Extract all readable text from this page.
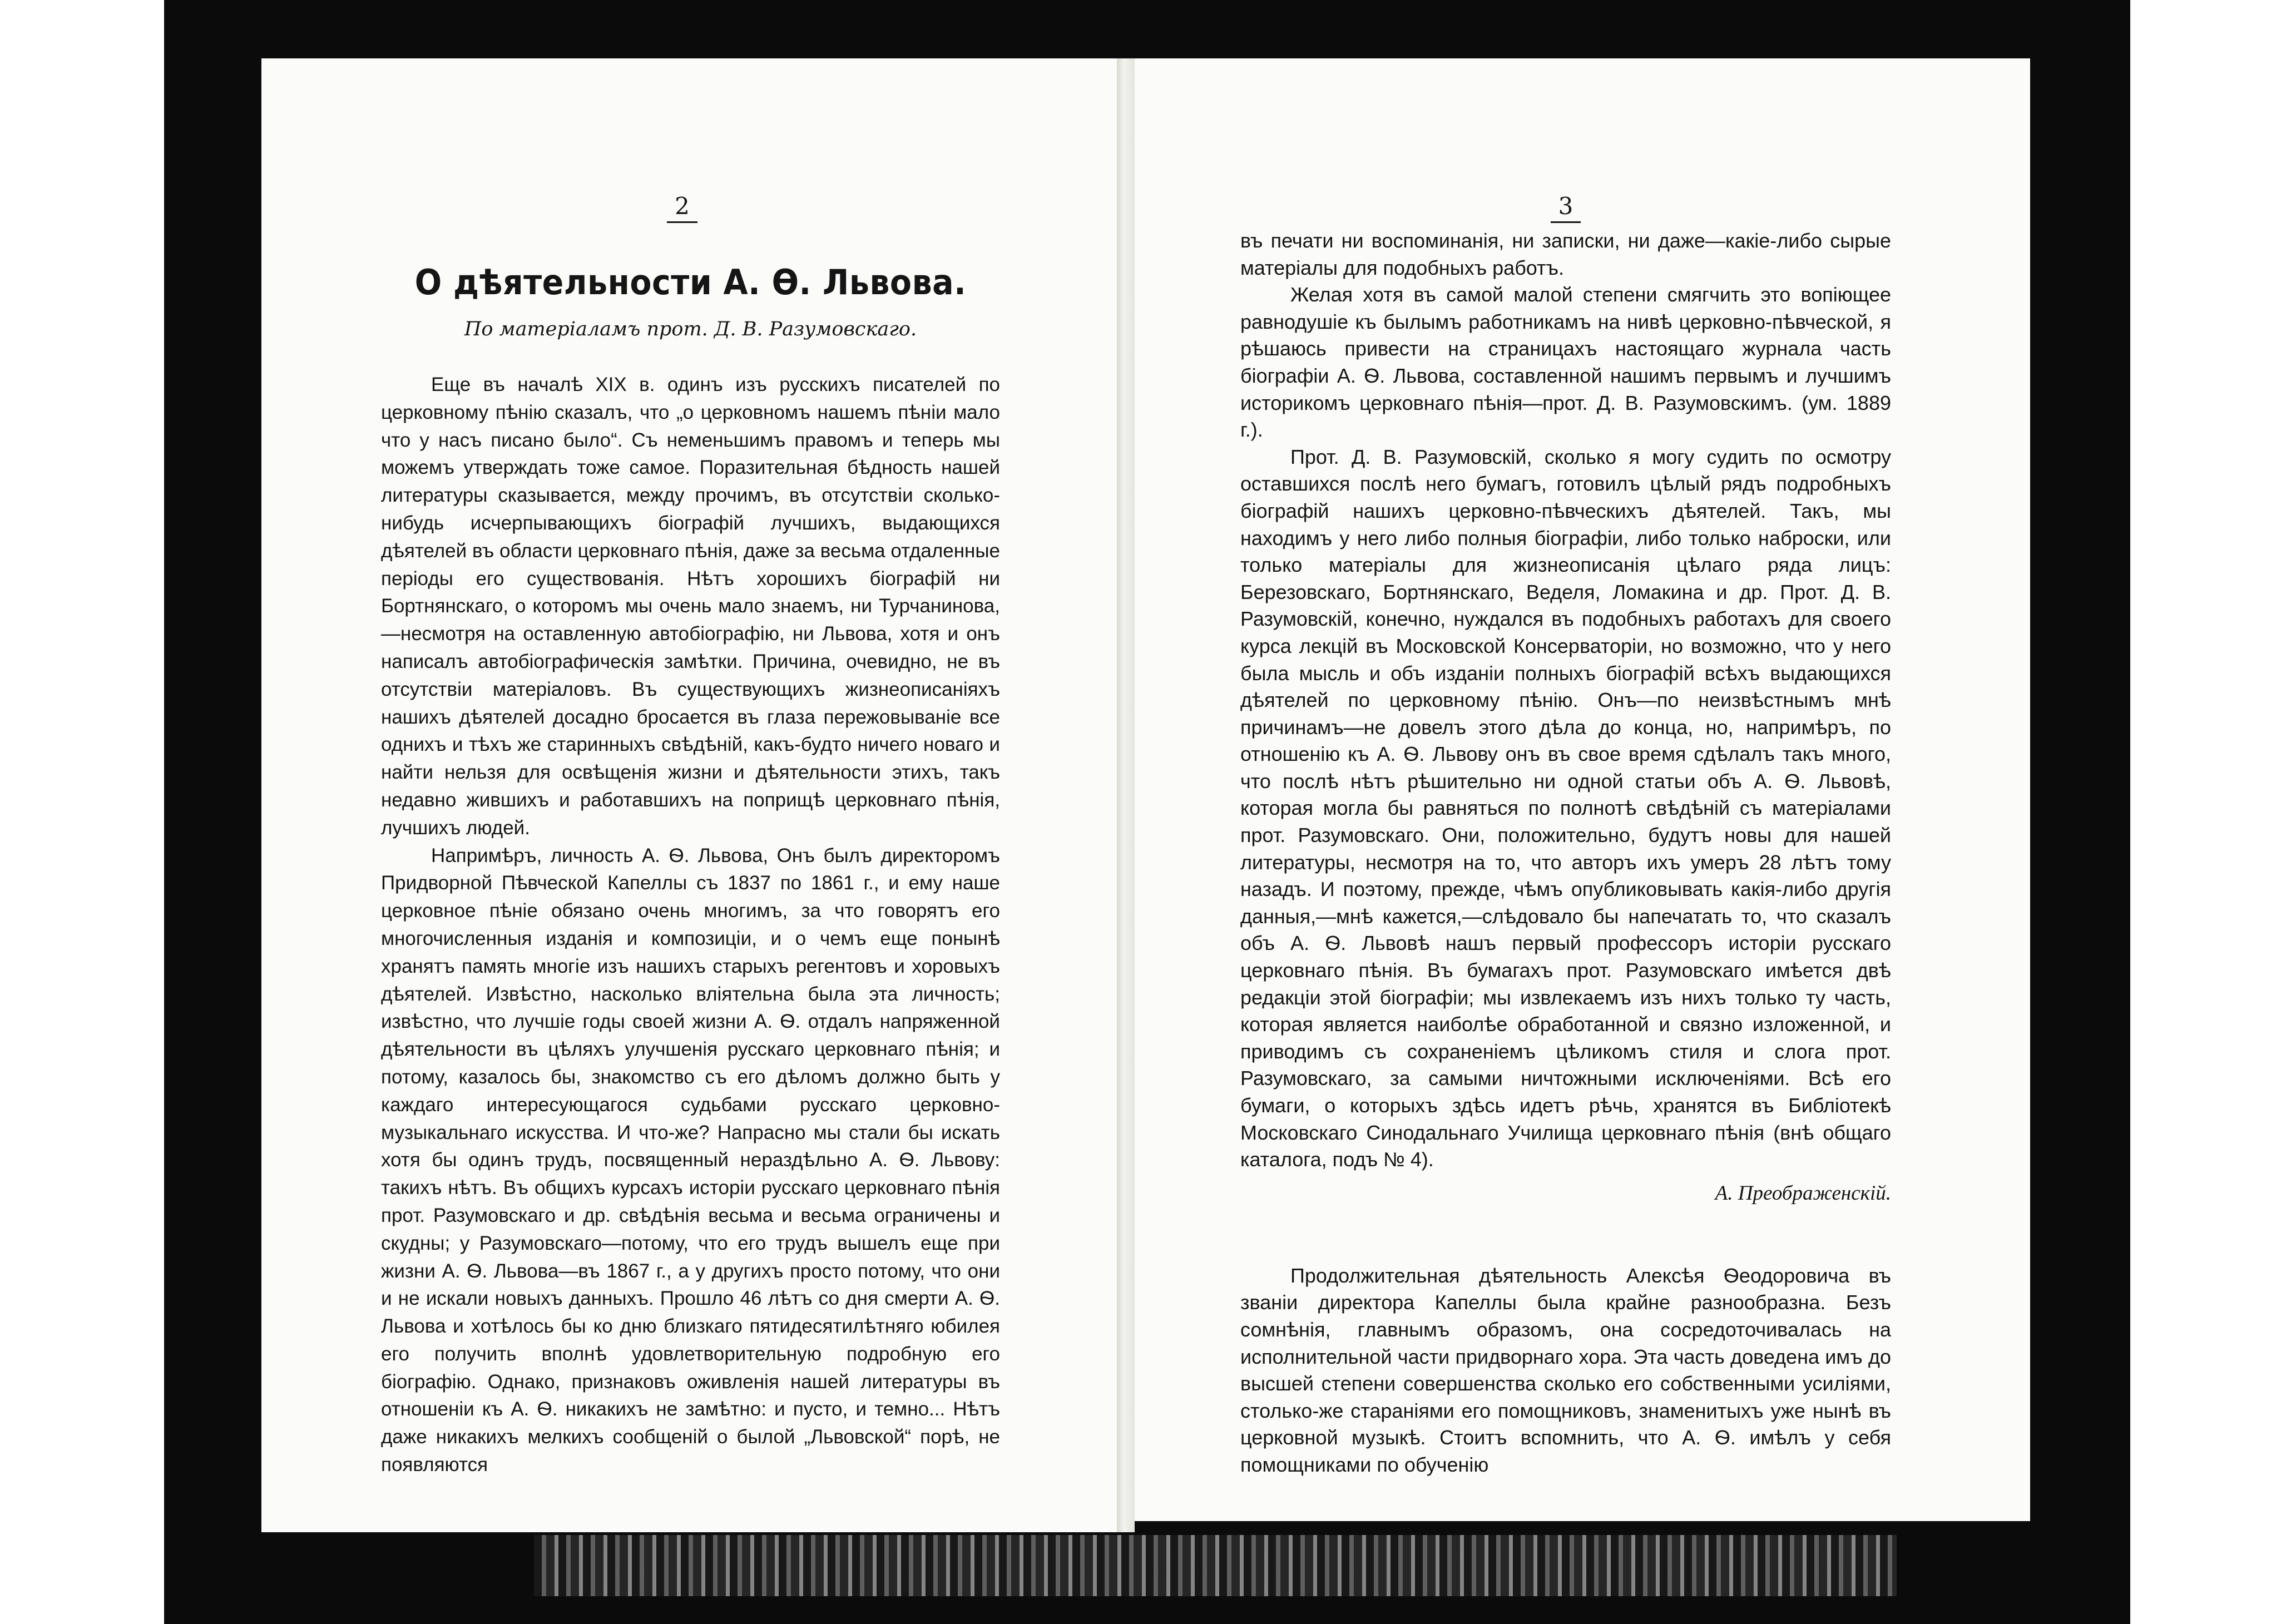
2
О дѣятельности А. Ѳ. Львова.
По матеріаламъ прот. Д. В. Разумовскаго.

Еще въ началѣ XIX в. одинъ изъ русскихъ писателей по церковному пѣнію сказалъ, что „о церковномъ нашемъ пѣніи мало что у насъ писано было“. Съ неменьшимъ правомъ и теперь мы можемъ утверждать тоже самое. Поразительная бѣдность нашей литературы сказывается, между прочимъ, въ отсутствіи сколько-нибудь исчерпывающихъ біографій лучшихъ, выдающихся дѣятелей въ области церковнаго пѣнія, даже за весьма отдаленные періоды его существованія. Нѣтъ хорошихъ біографій ни Бортнянскаго, о которомъ мы очень мало знаемъ, ни Турчанинова,—несмотря на оставленную автобіографію, ни Львова, хотя и онъ написалъ автобіографическія замѣтки. Причина, очевидно, не въ отсутствіи матеріаловъ. Въ существующихъ жизнеописаніяхъ нашихъ дѣятелей досадно бросается въ глаза пережовываніе все однихъ и тѣхъ же старинныхъ свѣдѣній, какъ-будто ничего новаго и найти нельзя для освѣщенія жизни и дѣятельности этихъ, такъ недавно жившихъ и работавшихъ на поприщѣ церковнаго пѣнія, лучшихъ людей.

Напримѣръ, личность А. Ѳ. Львова, Онъ былъ директоромъ Придворной Пѣвческой Капеллы съ 1837 по 1861 г., и ему наше церковное пѣніе обязано очень многимъ, за что говорятъ его многочисленныя изданія и композиціи, и о чемъ еще понынѣ хранятъ память многіе изъ нашихъ старыхъ регентовъ и хоровыхъ дѣятелей. Извѣстно, насколько вліятельна была эта личность; извѣстно, что лучшіе годы своей жизни А. Ѳ. отдалъ напряженной дѣятельности въ цѣляхъ улучшенія русскаго церковнаго пѣнія; и потому, казалось бы, знакомство съ его дѣломъ должно быть у каждаго интересующагося судьбами русскаго церковно-музыкальнаго искусства. И что-же? Напрасно мы стали бы искать хотя бы одинъ трудъ, посвященный нераздѣльно А. Ѳ. Львову: такихъ нѣтъ. Въ общихъ курсахъ исторіи русскаго церковнаго пѣнія прот. Разумовскаго и др. свѣдѣнія весьма и весьма ограничены и скудны; у Разумовскаго—потому, что его трудъ вышелъ еще при жизни А. Ѳ. Львова—въ 1867 г., а у другихъ просто потому, что они и не искали новыхъ данныхъ. Прошло 46 лѣтъ со дня смерти А. Ѳ. Львова и хотѣлось бы ко дню близкаго пятидесятилѣтняго юбилея его получить вполнѣ удовлетворительную подробную его біографію. Однако, признаковъ оживленія нашей литературы въ отношеніи къ А. Ѳ. никакихъ не замѣтно: и пусто, и темно... Нѣтъ даже никакихъ мелкихъ сообщеній о былой „Львовской“ порѣ, не появляются

3

въ печати ни воспоминанія, ни записки, ни даже—какіе-либо сырые матеріалы для подобныхъ работъ.

Желая хотя въ самой малой степени смягчить это вопіющее равнодушіе къ былымъ работникамъ на нивѣ церковно-пѣвческой, я рѣшаюсь привести на страницахъ настоящаго журнала часть біографіи А. Ѳ. Львова, составленной нашимъ первымъ и лучшимъ историкомъ церковнаго пѣнія—прот. Д. В. Разумовскимъ. (ум. 1889 г.).

Прот. Д. В. Разумовскій, сколько я могу судить по осмотру оставшихся послѣ него бумагъ, готовилъ цѣлый рядъ подробныхъ біографій нашихъ церковно-пѣвческихъ дѣятелей. Такъ, мы находимъ у него либо полныя біографіи, либо только наброски, или только матеріалы для жизнеописанія цѣлаго ряда лицъ: Березовскаго, Бортнянскаго, Веделя, Ломакина и др. Прот. Д. В. Разумовскій, конечно, нуждался въ подобныхъ работахъ для своего курса лекцій въ Московской Консерваторіи, но возможно, что у него была мысль и объ изданіи полныхъ біографій всѣхъ выдающихся дѣятелей по церковному пѣнію. Онъ—по неизвѣстнымъ мнѣ причинамъ—не довелъ этого дѣла до конца, но, напримѣръ, по отношенію къ А. Ѳ. Львову онъ въ свое время сдѣлалъ такъ много, что послѣ нѣтъ рѣшительно ни одной статьи объ А. Ѳ. Львовѣ, которая могла бы равняться по полнотѣ свѣдѣній съ матеріалами прот. Разумовскаго. Они, положительно, будутъ новы для нашей литературы, несмотря на то, что авторъ ихъ умеръ 28 лѣтъ тому назадъ. И поэтому, прежде, чѣмъ опубликовывать какія-либо другія данныя,—мнѣ кажется,—слѣдовало бы напечатать то, что сказалъ объ А. Ѳ. Львовѣ нашъ первый профессоръ исторіи русскаго церковнаго пѣнія. Въ бумагахъ прот. Разумовскаго имѣется двѣ редакціи этой біографіи; мы извлекаемъ изъ нихъ только ту часть, которая является наиболѣе обработанной и связно изложенной, и приводимъ съ сохраненіемъ цѣликомъ стиля и слога прот. Разумовскаго, за самыми ничтожными исключеніями. Всѣ его бумаги, о которыхъ здѣсь идетъ рѣчь, хранятся въ Библіотекѣ Московскаго Синодальнаго Училища церковнаго пѣнія (внѣ общаго каталога, подъ № 4).

А. Преображенскій.

Продолжительная дѣятельность Алексѣя Ѳеодоровича въ званіи директора Капеллы была крайне разнообразна. Безъ сомнѣнія, главнымъ образомъ, она сосредоточивалась на исполнительной части придворнаго хора. Эта часть доведена имъ до высшей степени совершенства сколько его собственными усиліями, столько-же стараніями его помощниковъ, знаменитыхъ уже нынѣ въ церковной музыкѣ. Стоитъ вспомнить, что А. Ѳ. имѣлъ у себя помощниками по обученію
